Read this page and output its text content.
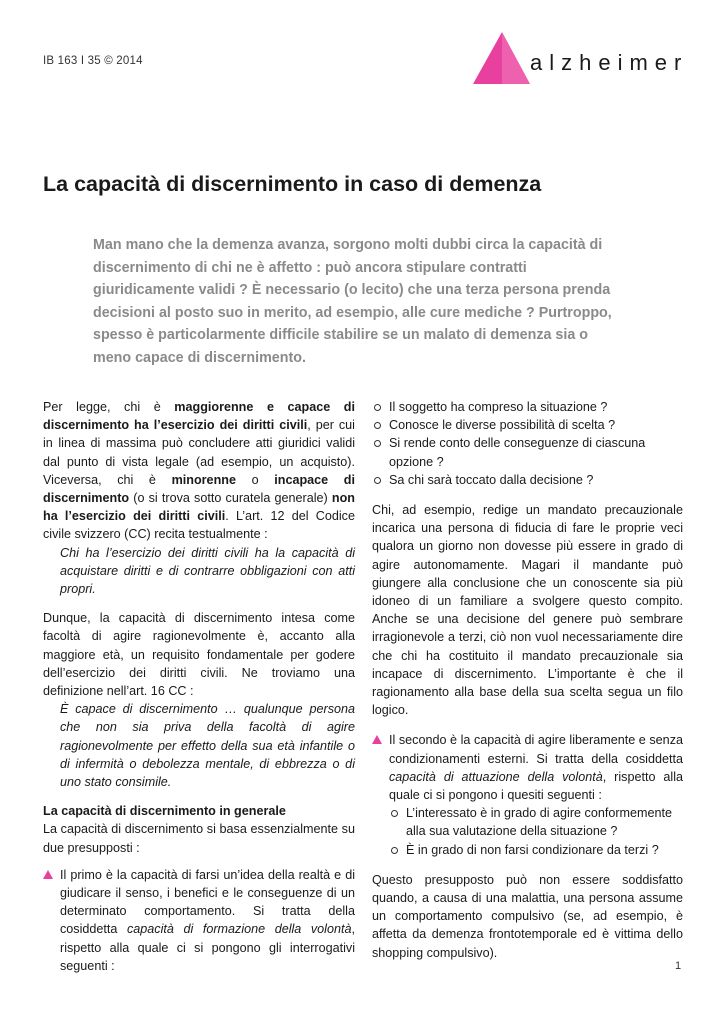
IB 163 I 35 © 2014	alzheimer
La capacità di discernimento in caso di demenza

Man mano che la demenza avanza, sorgono molti dubbi circa la capacità di discernimento di chi ne è affetto : può ancora stipulare contratti giuridicamente validi ? È necessario (o lecito) che una terza persona prenda decisioni al posto suo in merito, ad esempio, alle cure mediche ? Purtroppo, spesso è particolarmente difficile stabilire se un malato di demenza sia o meno capace di discernimento.

Per legge, chi è maggiorenne e capace di discernimento ha l’esercizio dei diritti civili, per cui in linea di massima può concludere atti giuridici validi dal punto di vista legale (ad esempio, un acquisto). Viceversa, chi è minorenne o incapace di discernimento (o si trova sotto curatela generale) non ha l’esercizio dei diritti civili. L’art. 12 del Codice civile svizzero (CC) recita testualmente :

Chi ha l’esercizio dei diritti civili ha la capacità di acquistare diritti e di contrarre obbligazioni con atti propri.

Dunque, la capacità di discernimento intesa come facoltà di agire ragionevolmente è, accanto alla maggiore età, un requisito fondamentale per godere dell’esercizio dei diritti civili. Ne troviamo una definizione nell’art. 16 CC :

È capace di discernimento … qualunque persona che non sia priva della facoltà di agire ragionevolmente per effetto della sua età infantile o di infermità o debolezza mentale, di ebbrezza o di uno stato consimile.

La capacità di discernimento in generale

La capacità di discernimento si basa essenzialmente su due presupposti :

Il primo è la capacità di farsi un’idea della realtà e di giudicare il senso, i benefici e le conseguenze di un determinato comportamento. Si tratta della cosiddetta capacità di formazione della volontà, rispetto alla quale ci si pongono gli interrogativi seguenti :
Il soggetto ha compreso la situazione ?
Conosce le diverse possibilità di scelta ?
Si rende conto delle conseguenze di ciascuna opzione ?
Sa chi sarà toccato dalla decisione ?

Chi, ad esempio, redige un mandato precauzionale incarica una persona di fiducia di fare le proprie veci qualora un giorno non dovesse più essere in grado di agire autonomamente. Magari il mandante può giungere alla conclusione che un conoscente sia più idoneo di un familiare a svolgere questo compito. Anche se una decisione del genere può sembrare irragionevole a terzi, ciò non vuol necessariamente dire che chi ha costituito il mandato precauzionale sia incapace di discernimento. L’importante è che il ragionamento alla base della sua scelta segua un filo logico.

Il secondo è la capacità di agire liberamente e senza condizionamenti esterni. Si tratta della cosiddetta capacità di attuazione della volontà, rispetto alla quale ci si pongono i quesiti seguenti :
L’interessato è in grado di agire conformemente alla sua valutazione della situazione ?
È in grado di non farsi condizionare da terzi ?

Questo presupposto può non essere soddisfatto quando, a causa di una malattia, una persona assume un comportamento compulsivo (se, ad esempio, è affetta da demenza frontotemporale ed è vittima dello shopping compulsivo).

1
